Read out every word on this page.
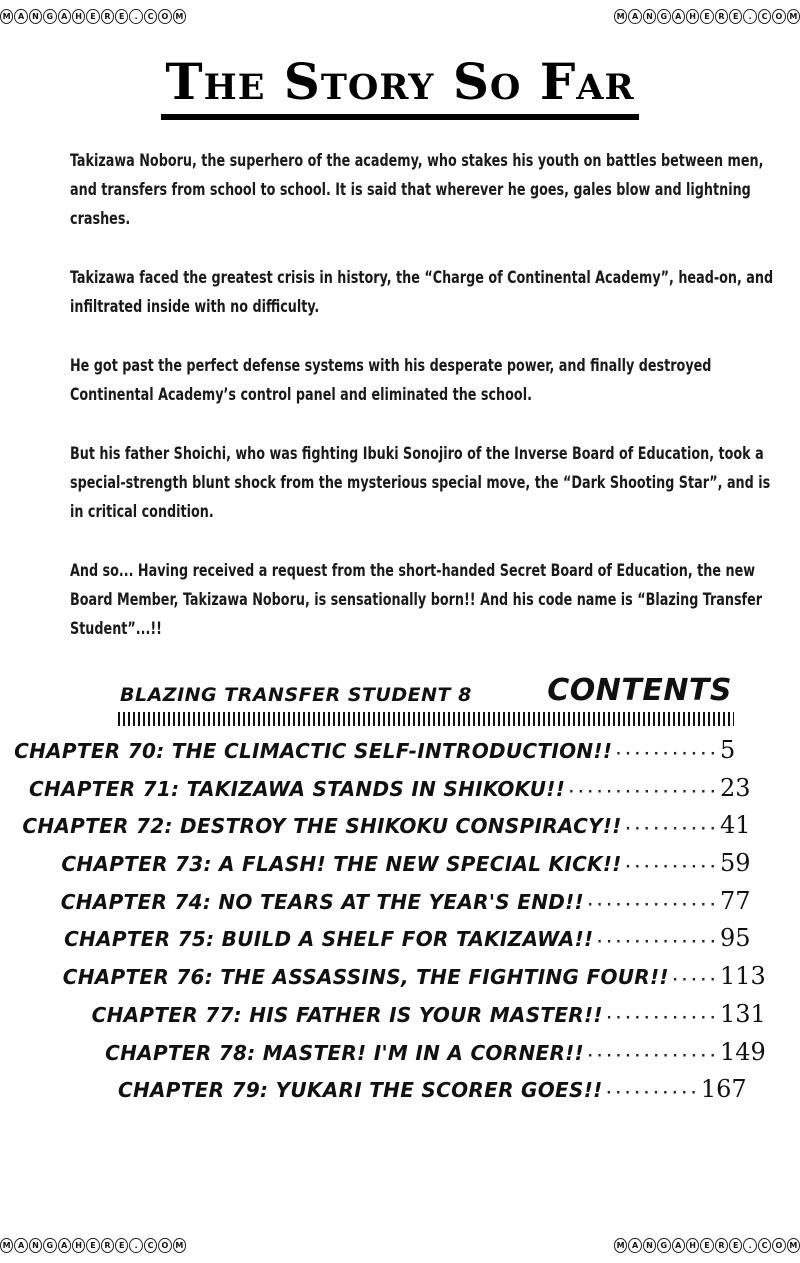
M A N G	A H	E	R	E	.	C	O M	M A N G	A H	E	R	E	.	C	O M
M A N G	A H	E	R	E	.	C	O M	M A N G	A H	E	R	E	.	C	O M
The Story So Far

Takizawa Noboru, the superhero of the academy, who stakes his youth on battles between men, and transfers from school to school. It is said that wherever he goes, gales blow and lightning crashes.

Takizawa faced the greatest crisis in history, the “Charge of Continental Academy”, head-on, and infiltrated inside with no difficulty.

He got past the perfect defense systems with his desperate power, and finally destroyed Continental Academy’s control panel and eliminated the school.

But his father Shoichi, who was fighting Ibuki Sonojiro of the Inverse Board of Education, took a special-strength blunt shock from the mysterious special move, the “Dark Shooting Star”, and is in critical condition.

And so... Having received a request from the short-handed Secret Board of Education, the new Board Member, Takizawa Noboru, is sensationally born!! And his code name is “Blazing Transfer Student”...!!

BLAZING TRANSFER STUDENT 8	CONTENTS
CHAPTER 70: THE CLIMACTIC SELF-INTRODUCTION!! ··········· 5
CHAPTER 71: TAKIZAWA STANDS IN SHIKOKU!! ················ 23
CHAPTER 72: DESTROY THE SHIKOKU CONSPIRACY!! ·········· 41
CHAPTER 73: A FLASH! THE NEW SPECIAL KICK!! ·········· 59
CHAPTER 74: NO TEARS AT THE YEAR'S END!! ·············· 77
CHAPTER 75: BUILD A SHELF FOR TAKIZAWA!! ············· 95
CHAPTER 76: THE ASSASSINS, THE FIGHTING FOUR!! ····· 113
CHAPTER 77: HIS FATHER IS YOUR MASTER!! ············ 131
CHAPTER 78: MASTER! I'M IN A CORNER!! ·············· 149
CHAPTER 79: YUKARI THE SCORER GOES!! ·········· 167
